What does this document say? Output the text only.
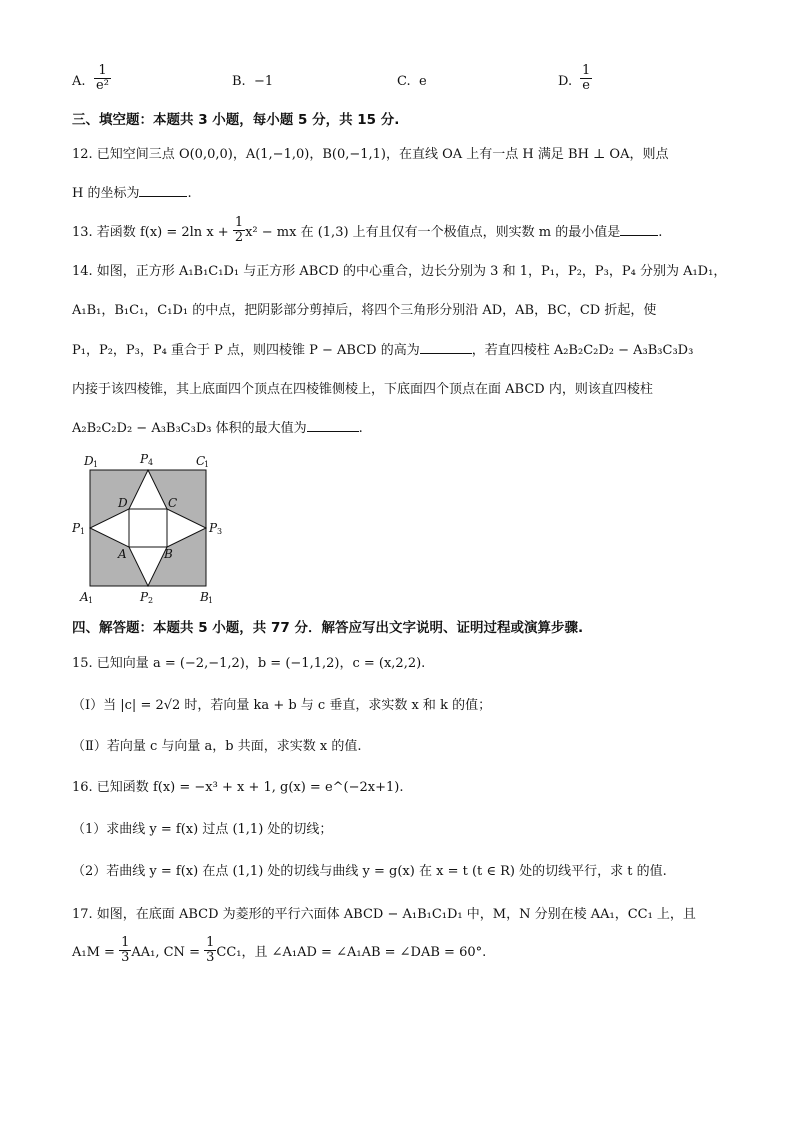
A. $\frac{1}{\text{e²}}$	B. −1	C. e	D. $\frac{1}{e}$
三、填空题：本题共 3 小题，每小题 5 分，共 15 分.
12. 已知空间三点 O(0,0,0)，A(1,−1,0)，B(0,−1,1)，在直线 OA 上有一点 H 满足 BH ⊥ OA，则点
H 的坐标为	.
13. 若函数 f(x) = 2ln $x + \frac{1}{2} x^2$ − mx 在 (1,3) 上有且仅有一个极值点，则实数 m 的最小值是	.
14. 如图，正方形 A₁B₁C₁D₁ 与正方形 ABCD 的中心重合，边长分别为 3 和 1，P₁，P₂，P₃，P₄ 分别为 A₁D₁，
A₁B₁，B₁C₁，C₁D₁ 的中点，把阴影部分剪掉后，将四个三角形分别沿 AD，AB，BC，CD 折起，使
P₁，P₂，P₃，P₄ 重合于 P 点，则四棱锥 P − ABCD 的高为	，若直四棱柱 A₂B₂C₂D₂ − A₃B₃C₃D₃
内接于该四棱锥，其上底面四个顶点在四棱锥侧棱上，下底面四个顶点在面 ABCD 内，则该直四棱柱
A₂B₂C₂D₂ − A₃B₃C₃D₃ 体积的最大值为	.
D 1	P 4	C
1
P 1	P 3
A 1	P 2	B 1
D	C
A	B
四、解答题：本题共 5 小题，共 77 分．解答应写出文字说明、证明过程或演算步骤.
15. 已知向量 a = (−2,−1,2)，b = (−1,1,2)，c = (x,2,2).
（Ⅰ）当 |c| = 2√2 时，若向量 ka + b 与 c 垂直，求实数 x 和 k 的值；
（Ⅱ）若向量 c 与向量 a，b 共面，求实数 x 的值.
16. 已知函数 f(x) = −x³ + x + 1, g(x) = e^(−2x+1).
（1）求曲线 y = f(x) 过点 (1,1) 处的切线；
（2）若曲线 y = f(x) 在点 (1,1) 处的切线与曲线 y = g(x) 在 x = t (t ∈ R) 处的切线平行，求 t 的值.
17. 如图，在底面 ABCD 为菱形的平行六面体 ABCD − A₁B₁C₁D₁ 中，M，N 分别在棱 AA₁，CC₁ 上，且
$A_1M = \frac{1}{3} AA_1$, CN = $\frac{1}{3} CC_1$，且 ∠A₁AD = ∠A₁AB = ∠DAB = 60°.
